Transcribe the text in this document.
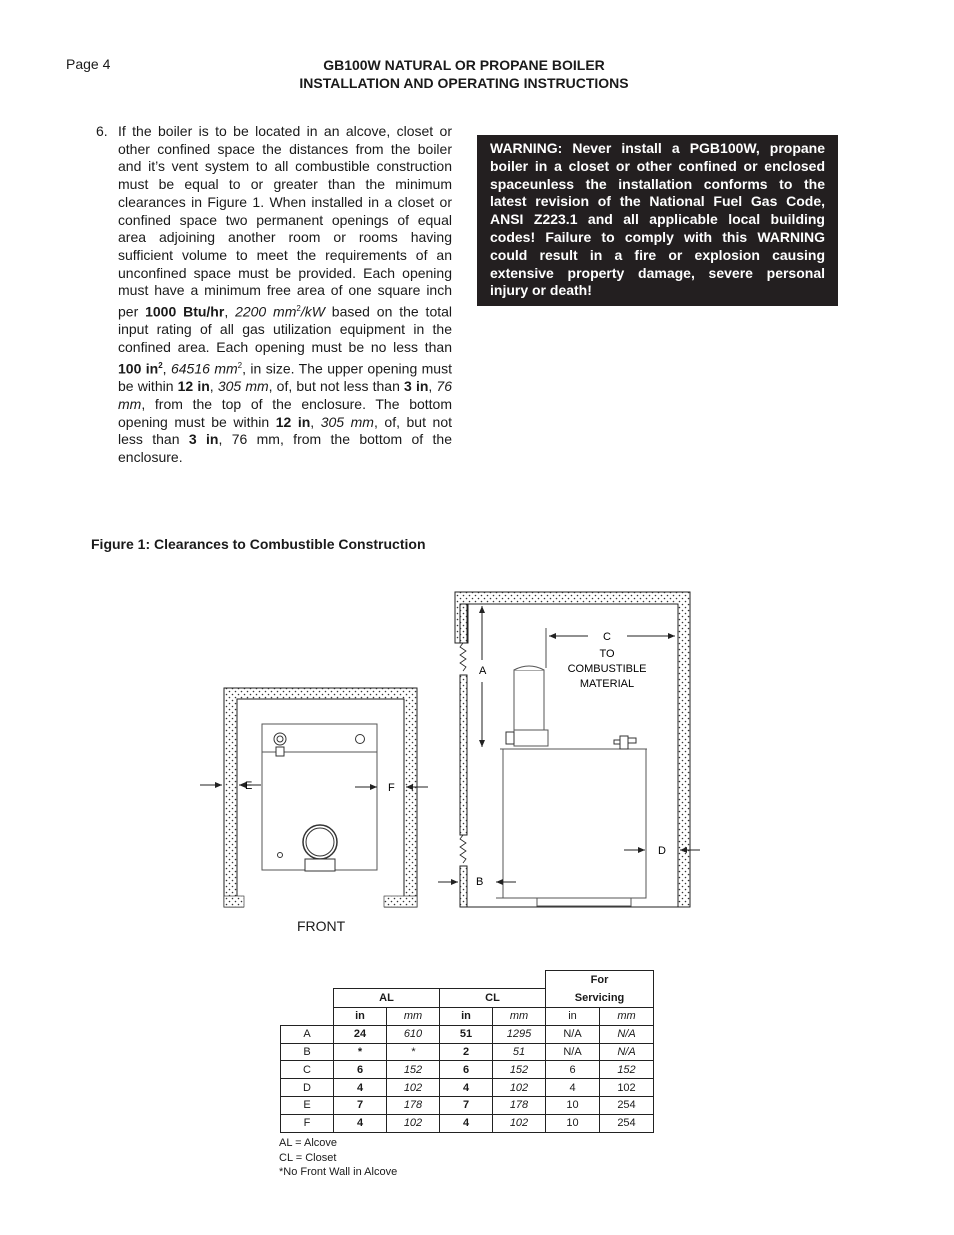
Page 4	GB100W NATURAL OR PROPANE BOILER
INSTALLATION AND OPERATING INSTRUCTIONS
6. If the boiler is to be located in an alcove, closet or other confined space the distances from the boiler and it’s vent system to all combustible construction must be equal to or greater than the minimum clearances in Figure 1. When installed in a closet or confined space two permanent openings of equal area adjoining another room or rooms having sufficient volume to meet the requirements of an unconfined space must be provided. Each opening must have a minimum free area of one square inch per 1000 Btu/hr, 2200 $mm^2/kW$ based on the total input rating of all gas utilization equipment in the confined area. Each opening must be no less than 100 $in^2$, 64516 $mm^2$, in size. The upper opening must be within 12 in, 305 mm, of, but not less than 3 in, 76 mm, from the top of the enclosure. The bottom opening must be within 12 in, 305 mm, of, but not less than 3 in, 76 mm, from the bottom of the enclosure.
WARNING: Never install a PGB100W, propane boiler in a closet or other confined or enclosed spaceunless the installation conforms to the latest revision of the National Fuel Gas Code, ANSI Z223.1 and all applicable local building codes! Failure to comply with this WARNING could result in a fire or explosion causing extensive property damage, severe personal injury or death!
Figure 1: Clearances to Combustible Construction
E	F
A
C
TO
COMBUSTIBLE
MATERIAL
D
B
FRONT

					For
Servicing	

	AL		CL			
	in	mm	in	mm	in	mm
A	24	610	51	1295	N/A	N/A
B	*	*	2	51	N/A	N/A
C	6	152	6	152	6	152
D	4	102	4	102	4	102
E	7	178	7	178	10	254
F	4	102	4	102	10	254
AL = Alcove
CL = Closet
*No Front Wall in Alcove
